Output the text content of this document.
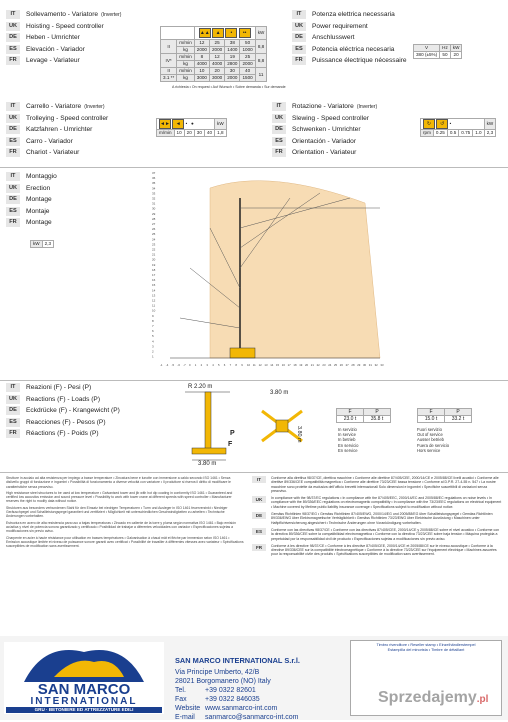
IT Sollevamento - Variatore (Inverter)
UK Hoisting - Speed controller
DE Heben - Umrichter
ES Elevación - Variador
FR Levage - Variateur
		▲▲ ▲ • ••				kW
II	m/min	12	25	38	50	8,8
	kg	2000	2000	1400	1000	
IV*	m/min	8	12	19	25	8,8
	kg	4000	4000	2800	2000	
II	m/min	10	20	30	40	11
3.1 **	kg	3000	3000	2000	1500	
A richiesta • On request • Auf Wunsch • Sobre demanda • Sur demande
IT Potenza elettrica necessaria
UK Power requirement
DE Anschlusswert
ES Potencia eléctrica necesaria
FR Puissance électrique nécessaire
V	Hz	kW
380 (±5%)	50	20
IT Carrello - Variatore (Inverter)
UK Trolleying - Speed controller
DE Katzfahren - Umrichter
ES Carro - Variador
FR Chariot - Variateur
◄► ◄ •   ●					kW
m/min	10	20	30	40	1,8
IT Rotazione - Variatore (Inverter)
UK Slewing - Speed controller
DE Schwenken - Umrichter
ES Orientación - Variador
FR Orientation - Variateur
↻ ↺ •					kW
rpm	0.25	0.5	0.75	1.0	2,3
IT Montaggio
UK Erection
DE Montage
ES Montaje
FR Montage
kW	2,3
37
36
35
34
33
32
31
30
29
28
27
26
25
24
23
22
21
20
19
18
17
16
15
14
13
12
11
10
9
8
7
6
5
4
3
2
1
-1 -4 -5 -6 -7 0 1 2 3 4 5 6 7 8 9 10 11 12 13 14 15 16 17 18 19 20 21 22 23 24 25 26 27 28 29 30 31 32 33
IT Reazioni (F) - Pesi (P)
UK Reactions (F) - Loads (P)
DE Eckdrücke (F) - Krangewicht (P)
ES Reacciones (F) - Pesos (P)
FR Réactions (F) - Poids (P)
R 2.20 m
P
F
3.80 m
3.80 m
3.80 m
F	P
23.0 t	35.8 t
F	P
15.0 t	33.2 t
In servizio
In service
In betrieb
En servicio
En service
Fuori servizio
Out of service
Ausser betrieb
Fuera de servicio
Hors service

Strutture in acciaio ad alta resistenza per impiego a basse temperature • Zincatura bene e lunotte con immersione a caldo secondo ISO 1461 • Senza dislivello gruppi di fondazione e ingombri • Possibilità di funzionamento a diverse velocità con variatore • Il produttore si riserva il diritto di modificare le caratteristiche senza preavviso.

High resistance steel structures to be used at low temperature • Galvanised tower and jib with hot dip coating in conformity ISO 1461 • Guaranteed and certified low acoustics emission and sound pressure level • Possibility to work with tower crane at different speeds with speed controller • Manufacturer reserves the right to modify data without notice.

Strukturen aus besonders verbundenen Stahl für den Einsatz bei niedrigen Temperaturen • Turm und Ausleger in ISO 1461 feuerverzinkt • Niedriger Geräuschpegel und Schallleistungspegel garantiert und zertifiziert • Möglichkeit mit unterschiedlichen Geschwindigkeiten zu arbeiten • Technische Änderungen vorbehalten.

Estructura en acero de alta resistencia para uso a bajas temperaturas • Zincado en caliente de la torre y pluma según normativa ISO 1461 • Bajo emisión acústica y nivel de potencia sonora garantizado y certificado • Posibilidad de trabajar a diferentes velocidades con variador • Especificaciones sujetas a modificaciones sin previo aviso.

Charpente en acier à haute résistance pour utilisation en basses températures • Galvanisation à chaud mât et flèche par immersion selon ISO 1461 • Emission acoustique limitée et niveau de puissance sonore garanti avec certificat • Possibilité de travailler à différentes vitesses avec variateur • Spécifications susceptibles de modification sans avertissement.

IT	Conforme alla direttiva 98/37/CE, direttiva macchine • Conforme alle direttive 87/405/CEE, 2000/14/CE e 2005/88/CE livelli acustici • Conforme alle direttive 89/336/CEE compatibilità magnetica • Conforme alle direttive 73/23/CEE bassa tensione • Conforme al D.P.R. 27-4-55 n. 547 • La nostre macchine sono protette da esclusiva dell'ufficio brevetti internazionali Solo dimensioni e ingombri • Specifiche suscettibili di variazioni senza preavviso.
UK	In compliance with the 98/37/EC regulations • In compliance with the 87/405/EEC, 2000/14/EC and 2005/88/EC regulations on noise levels • In compliance with the 89/336/EEC regulations on electromagnetic compatibility • In compliance with the 73/23/EEC regulations on electrical equipment • Machine covered by lifetime public liability insurance coverage • Specifications subject to modification without notice.
DE	Gemäss Richtlinien 98/37/EG • Gemäss Richtlinien 87/405/EWG, 2000/14/EG und 2005/88/EG über Schallleistungspegel • Gemäss Richtlinien 89/336/EWG über Elektromagnetische Verträglichkeit • Gemäss Richtlinien 73/23/EWG über Elektrische Ausrüstung • Maschinen unter Haftpflichtversicherung abgesichert • Technische Änderungen ohne Vorankündigung vorbehalten.
ES	Conforme con las directivas 98/37/CE • Conforme con las directivas 87/405/CEE, 2000/14/CE y 2005/88/CE sobre el nivel acustico • Conforme con la directiva 89/336/CEE sobre la compatibilidad electromagnetica • Conforme con la directiva 73/23/CEE sobre baja tension • Máquina protegida a perpetuidad por la responsabilidad civil de producto • Especificaciones sujetas a modificaciones sin previo aviso.
FR	Conforme à les directive 98/37/CE • Conforme à les directive 87/405/CEE, 2000/14/CE et 2005/88/CE sur le niveau acoustique • Conforme à la directive 89/336/CEE sur la compatibilité électromagnétique • Conforme à la directive 73/23/CEE sur l'équipement électrique • Machines assurées pour la responsabilité civile des produits • Spécifications susceptibles de modification sans avertissement.
SAN MARCO
INTERNATIONAL
GRU · BETONIERE ED ATTREZZATURE EDILI
SAN MARCO INTERNATIONAL S.r.l.
Via Principe Umberto, 42/B
28021 Borgomanero (NO) Italy
Tel.	+39 0322 82601
Fax	+39 0322 846035
Website www.sanmarco-int.com
E-mail sanmarco@sanmarco-int.com
Timbro rivenditore • Reseller stamp • Einzelhändlerstempel
Estampilla del minorista • Timbre de détaillant
Sprzedajemy.pl
